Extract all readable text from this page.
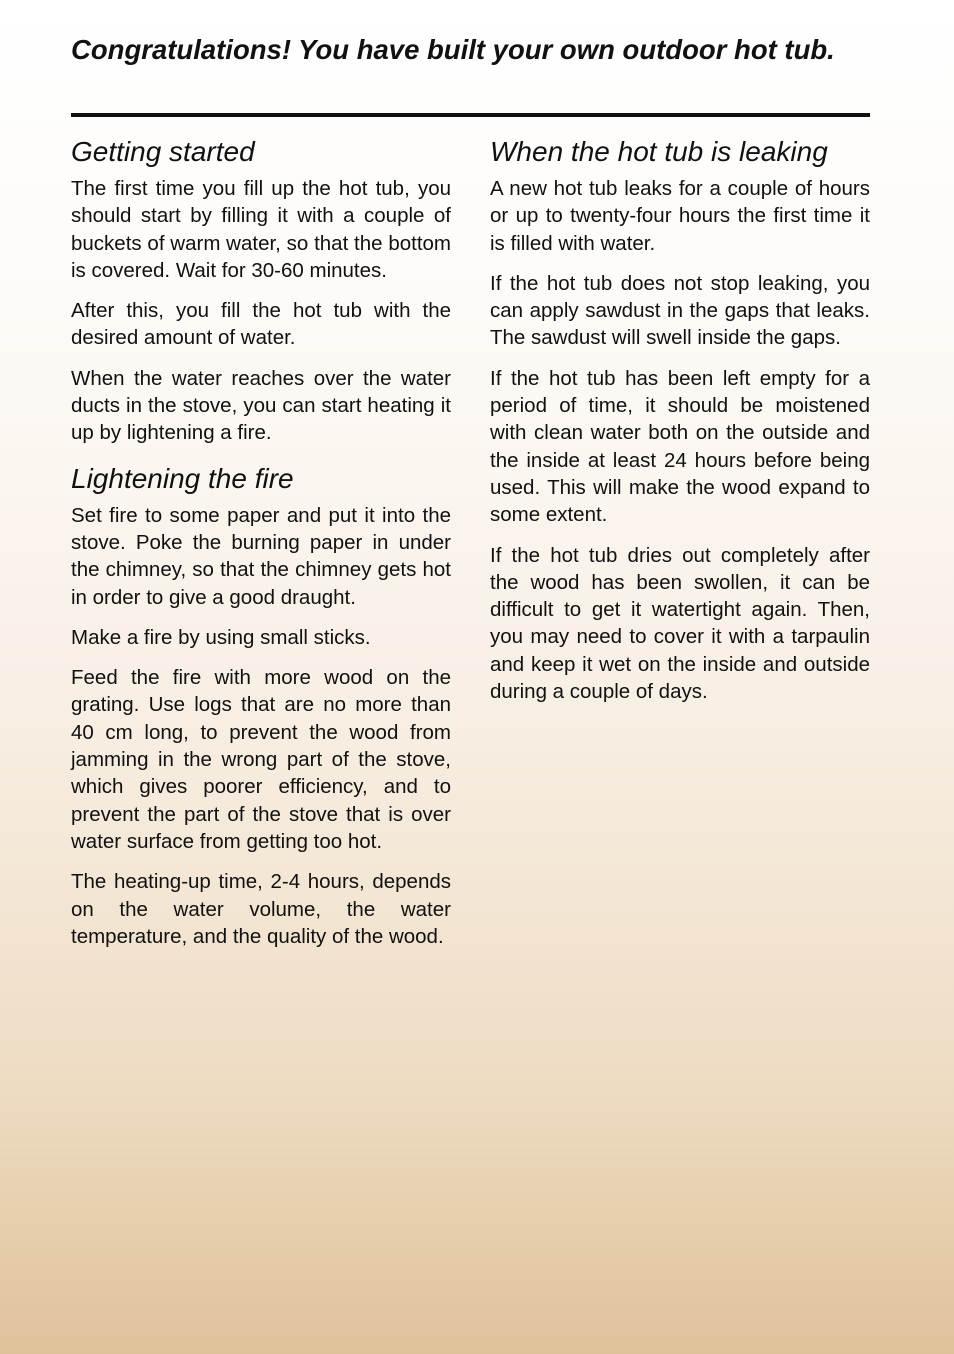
Congratulations! You have built your own outdoor hot tub.
Getting started

The first time you fill up the hot tub, you should start by filling it with a couple of buckets of warm water, so that the bottom is covered. Wait for 30-60 minutes.

After this, you fill the hot tub with the desired amount of water.

When the water reaches over the water ducts in the stove, you can start heating it up by lightening a fire.

Lightening the fire

Set fire to some paper and put it into the stove. Poke the burning paper in under the chimney, so that the chimney gets hot in order to give a good draught.

Make a fire by using small sticks.

Feed the fire with more wood on the grating. Use logs that are no more than 40 cm long, to prevent the wood from jamming in the wrong part of the stove, which gives poorer efficiency, and to prevent the part of the stove that is over water surface from getting too hot.

The heating-up time, 2-4 hours, depends on the water volume, the water temperature, and the quality of the wood.

When the hot tub is leaking

A new hot tub leaks for a couple of hours or up to twenty-four hours the first time it is filled with water.

If the hot tub does not stop leaking, you can apply sawdust in the gaps that leaks. The sawdust will swell inside the gaps.

If the hot tub has been left empty for a period of time, it should be moistened with clean water both on the outside and the inside at least 24 hours before being used. This will make the wood expand to some extent.

If the hot tub dries out completely after the wood has been swollen, it can be difficult to get it watertight again. Then, you may need to cover it with a tarpaulin and keep it wet on the inside and outside during a couple of days.
